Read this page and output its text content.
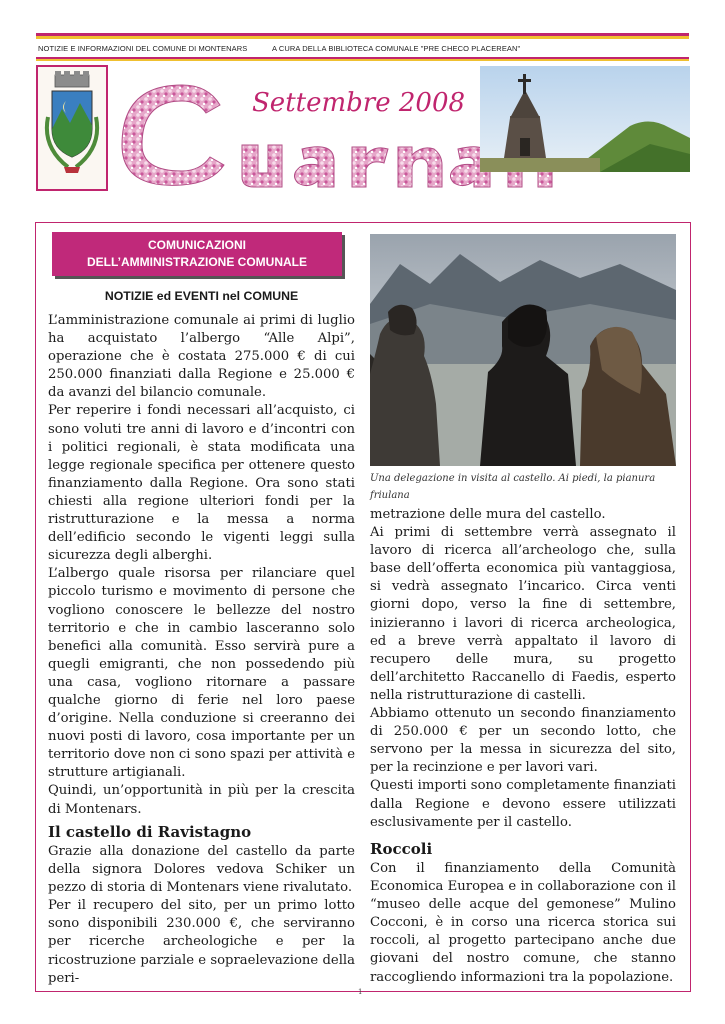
NOTIZIE E INFORMAZIONI DEL COMUNE DI MONTENARS	A CURA DELLA BIBLIOTECA COMUNALE "PRE CHECO PLACEREAN"
Settembre 2008
COMUNICAZIONI
DELL’AMMINISTRAZIONE COMUNALE
NOTIZIE ed EVENTI nel COMUNE

L’amministrazione comunale ai primi di luglio ha acquistato l’albergo “Alle Alpi”, operazione che è costata 275.000 € di cui 250.000 finanziati dalla Regione e 25.000 € da avanzi del bilancio comunale.

Per reperire i fondi necessari all’acquisto, ci sono voluti tre anni di lavoro e d’incontri con i politici regionali, è stata modificata una legge regionale specifica per ottenere questo finanziamento dalla Regione. Ora sono stati chiesti alla regione ulteriori fondi per la ristrutturazione e la messa a norma dell’edificio secondo le vigenti leggi sulla sicurezza degli alberghi.

L’albergo quale risorsa per rilanciare quel piccolo turismo e movimento di persone che vogliono conoscere le bellezze del nostro territorio e che in cambio lasceranno solo benefici alla comunità. Esso servirà pure a quegli emigranti, che non possedendo più una casa, vogliono ritornare a passare qualche giorno di ferie nel loro paese d’origine. Nella conduzione si creeranno dei nuovi posti di lavoro, cosa importante per un territorio dove non ci sono spazi per attività e strutture artigianali.

Quindi, un’opportunità in più per la crescita di Montenars.

Il castello di Ravistagno

Grazie alla donazione del castello da parte della signora Dolores vedova Schiker un pezzo di storia di Montenars viene rivalutato.

Per il recupero del sito, per un primo lotto sono disponibili 230.000 €, che serviranno per ricerche archeologiche e per la ricostruzione parziale e sopraelevazione della peri-

Una delegazione in visita al castello. Ai piedi, la pianura friulana

metrazione delle mura del castello.

Ai primi di settembre verrà assegnato il lavoro di ricerca all’archeologo che, sulla base dell’offerta economica più vantaggiosa, si vedrà assegnato l’incarico. Circa venti giorni dopo, verso la fine di settembre, inizieranno i lavori di ricerca archeologica, ed a breve verrà appaltato il lavoro di recupero delle mura, su progetto dell’architetto Raccanello di Faedis, esperto nella ristrutturazione di castelli.

Abbiamo ottenuto un secondo finanziamento di 250.000 € per un secondo lotto, che servono per la messa in sicurezza del sito, per la recinzione e per lavori vari.

Questi importi sono completamente finanziati dalla Regione e devono essere utilizzati esclusivamente per il castello.

Roccoli

Con il finanziamento della Comunità Economica Europea e in collaborazione con il “museo delle acque del gemonese” Mulino Cocconi, è in corso una ricerca storica sui roccoli, al progetto partecipano anche due giovani del nostro comune, che stanno raccogliendo informazioni tra la popolazione.

1
